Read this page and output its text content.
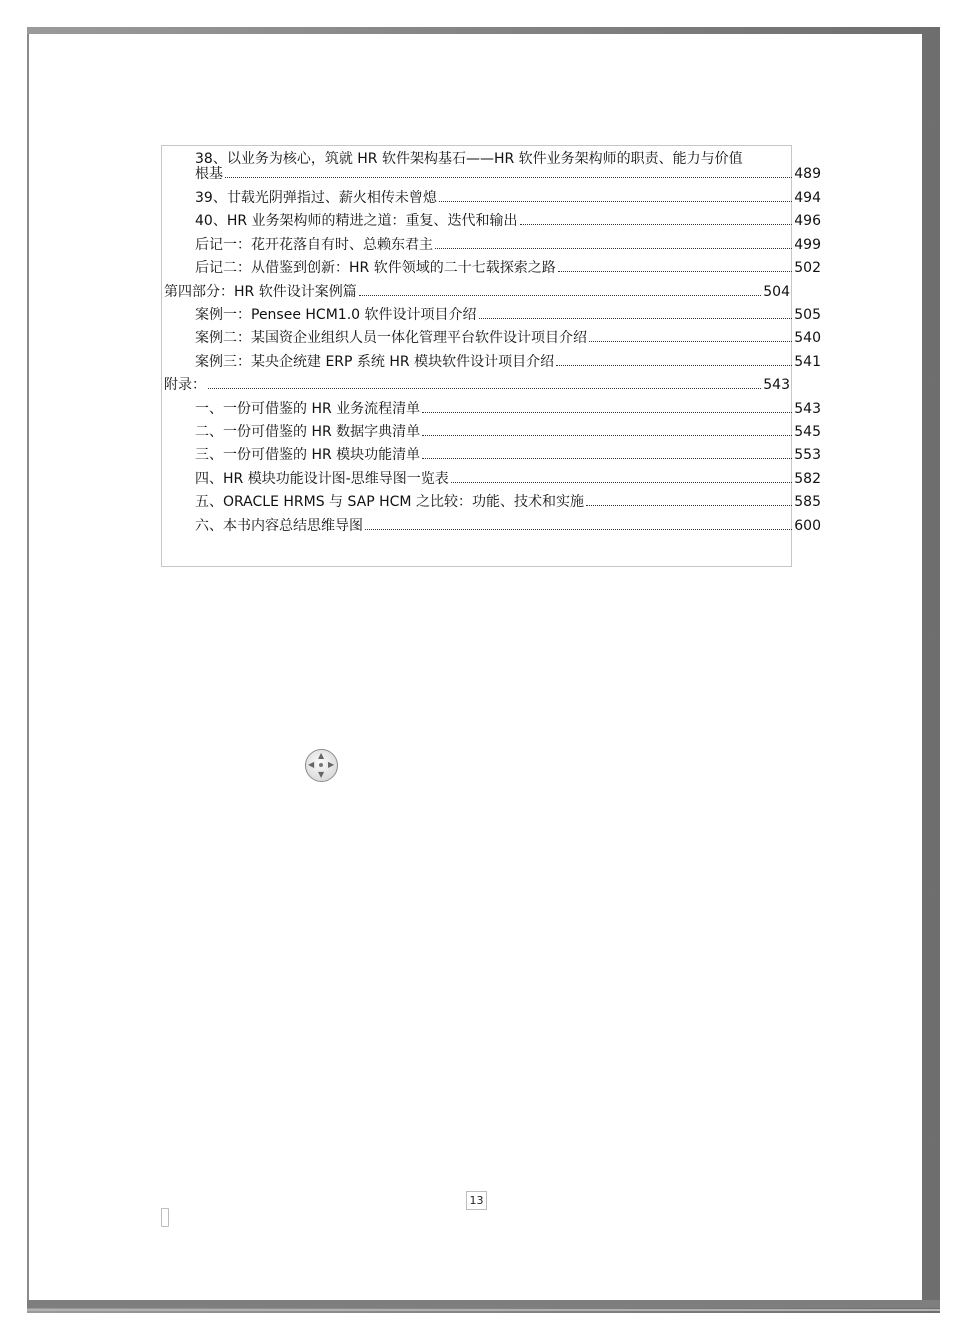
38、以业务为核心，筑就 HR 软件架构基石——HR 软件业务架构师的职责、能力与价值
根基	489
39、廿载光阴弹指过、薪火相传未曾熄	494
40、HR 业务架构师的精进之道：重复、迭代和输出	496
后记一：花开花落自有时、总赖东君主	499
后记二：从借鉴到创新：HR 软件领域的二十七载探索之路	502
第四部分：HR 软件设计案例篇	504
案例一：Pensee HCM1.0 软件设计项目介绍	505
案例二：某国资企业组织人员一体化管理平台软件设计项目介绍	540
案例三：某央企统建 ERP 系统 HR 模块软件设计项目介绍	541
附录：	543
一、一份可借鉴的 HR 业务流程清单	543
二、一份可借鉴的 HR 数据字典清单	545
三、一份可借鉴的 HR 模块功能清单	553
四、HR 模块功能设计图-思维导图一览表	582
五、ORACLE HRMS 与 SAP HCM 之比较：功能、技术和实施	585
六、本书内容总结思维导图	600
▲
▼
◀ ▶
13
